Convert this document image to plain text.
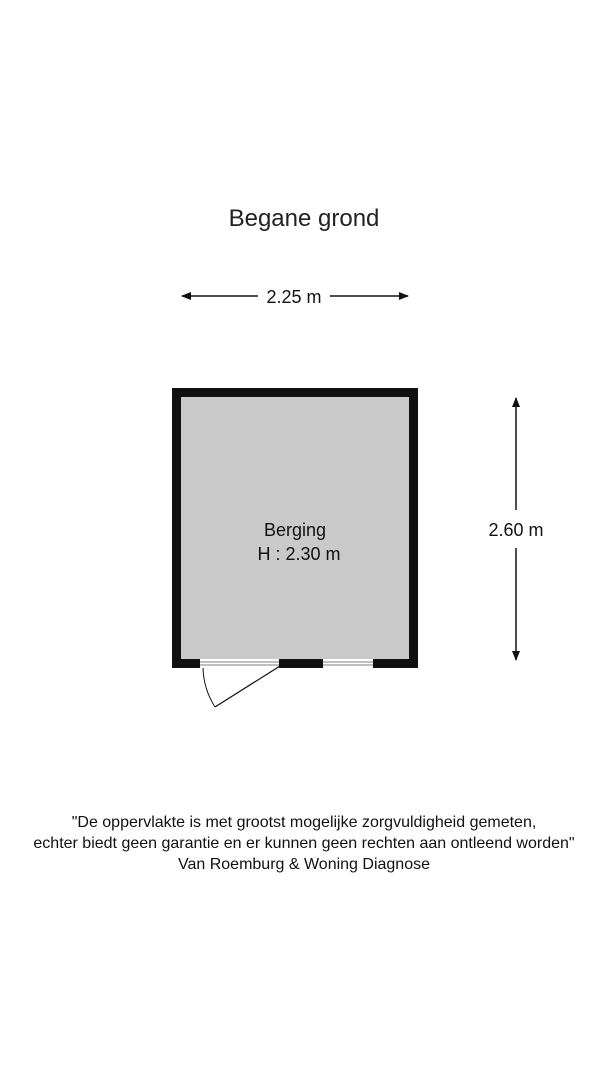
Begane grond
2.25 m
2.60 m
Berging
H : 2.30 m
"De oppervlakte is met grootst mogelijke zorgvuldigheid gemeten,
echter biedt geen garantie en er kunnen geen rechten aan ontleend worden"
Van Roemburg & Woning Diagnose
